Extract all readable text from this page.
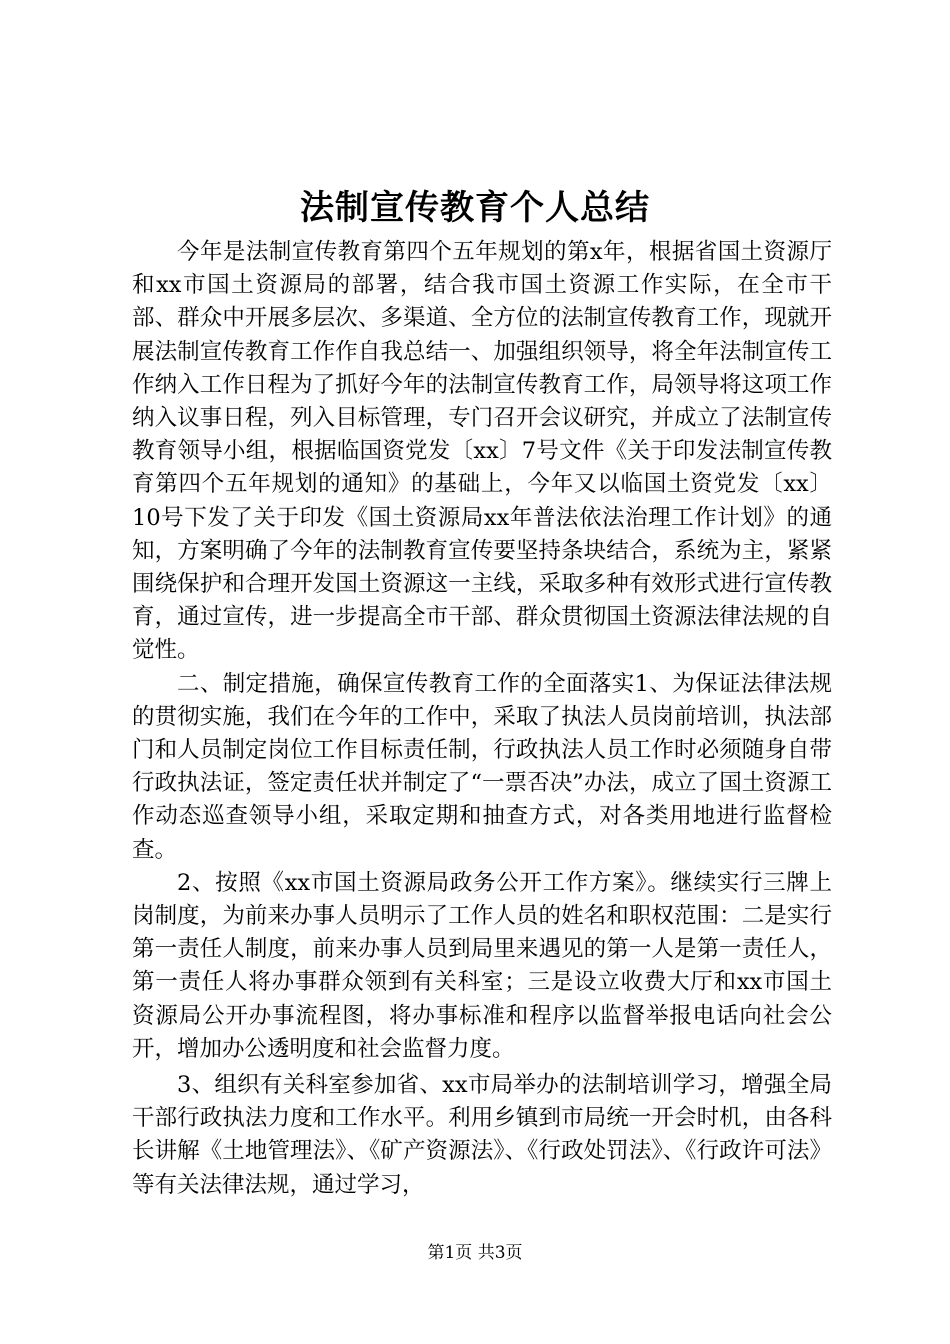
法制宣传教育个人总结

今年是法制宣传教育第四个五年规划的第x年，根据省国土资源厅和xx市国土资源局的部署，结合我市国土资源工作实际，在全市干部、群众中开展多层次、多渠道、全方位的法制宣传教育工作，现就开展法制宣传教育工作作自我总结一、加强组织领导，将全年法制宣传工作纳入工作日程为了抓好今年的法制宣传教育工作，局领导将这项工作纳入议事日程，列入目标管理，专门召开会议研究，并成立了法制宣传教育领导小组，根据临国资党发〔xx〕7号文件《关于印发法制宣传教育第四个五年规划的通知》的基础上，今年又以临国土资党发〔xx〕10号下发了关于印发《国土资源局xx年普法依法治理工作计划》的通知，方案明确了今年的法制教育宣传要坚持条块结合，系统为主，紧紧围绕保护和合理开发国土资源这一主线，采取多种有效形式进行宣传教育，通过宣传，进一步提高全市干部、群众贯彻国土资源法律法规的自觉性。

二、制定措施，确保宣传教育工作的全面落实1、为保证法律法规的贯彻实施，我们在今年的工作中，采取了执法人员岗前培训，执法部门和人员制定岗位工作目标责任制，行政执法人员工作时必须随身自带行政执法证，签定责任状并制定了“一票否决”办法，成立了国土资源工作动态巡查领导小组，采取定期和抽查方式，对各类用地进行监督检查。

2、按照《xx市国土资源局政务公开工作方案》。继续实行三牌上岗制度，为前来办事人员明示了工作人员的姓名和职权范围：二是实行第一责任人制度，前来办事人员到局里来遇见的第一人是第一责任人，第一责任人将办事群众领到有关科室；三是设立收费大厅和xx市国土资源局公开办事流程图，将办事标准和程序以监督举报电话向社会公开，增加办公透明度和社会监督力度。

3、组织有关科室参加省、xx市局举办的法制培训学习，增强全局干部行政执法力度和工作水平。利用乡镇到市局统一开会时机，由各科长讲解《土地管理法》、《矿产资源法》、《行政处罚法》、《行政许可法》等有关法律法规，通过学习，

第1页 共3页
